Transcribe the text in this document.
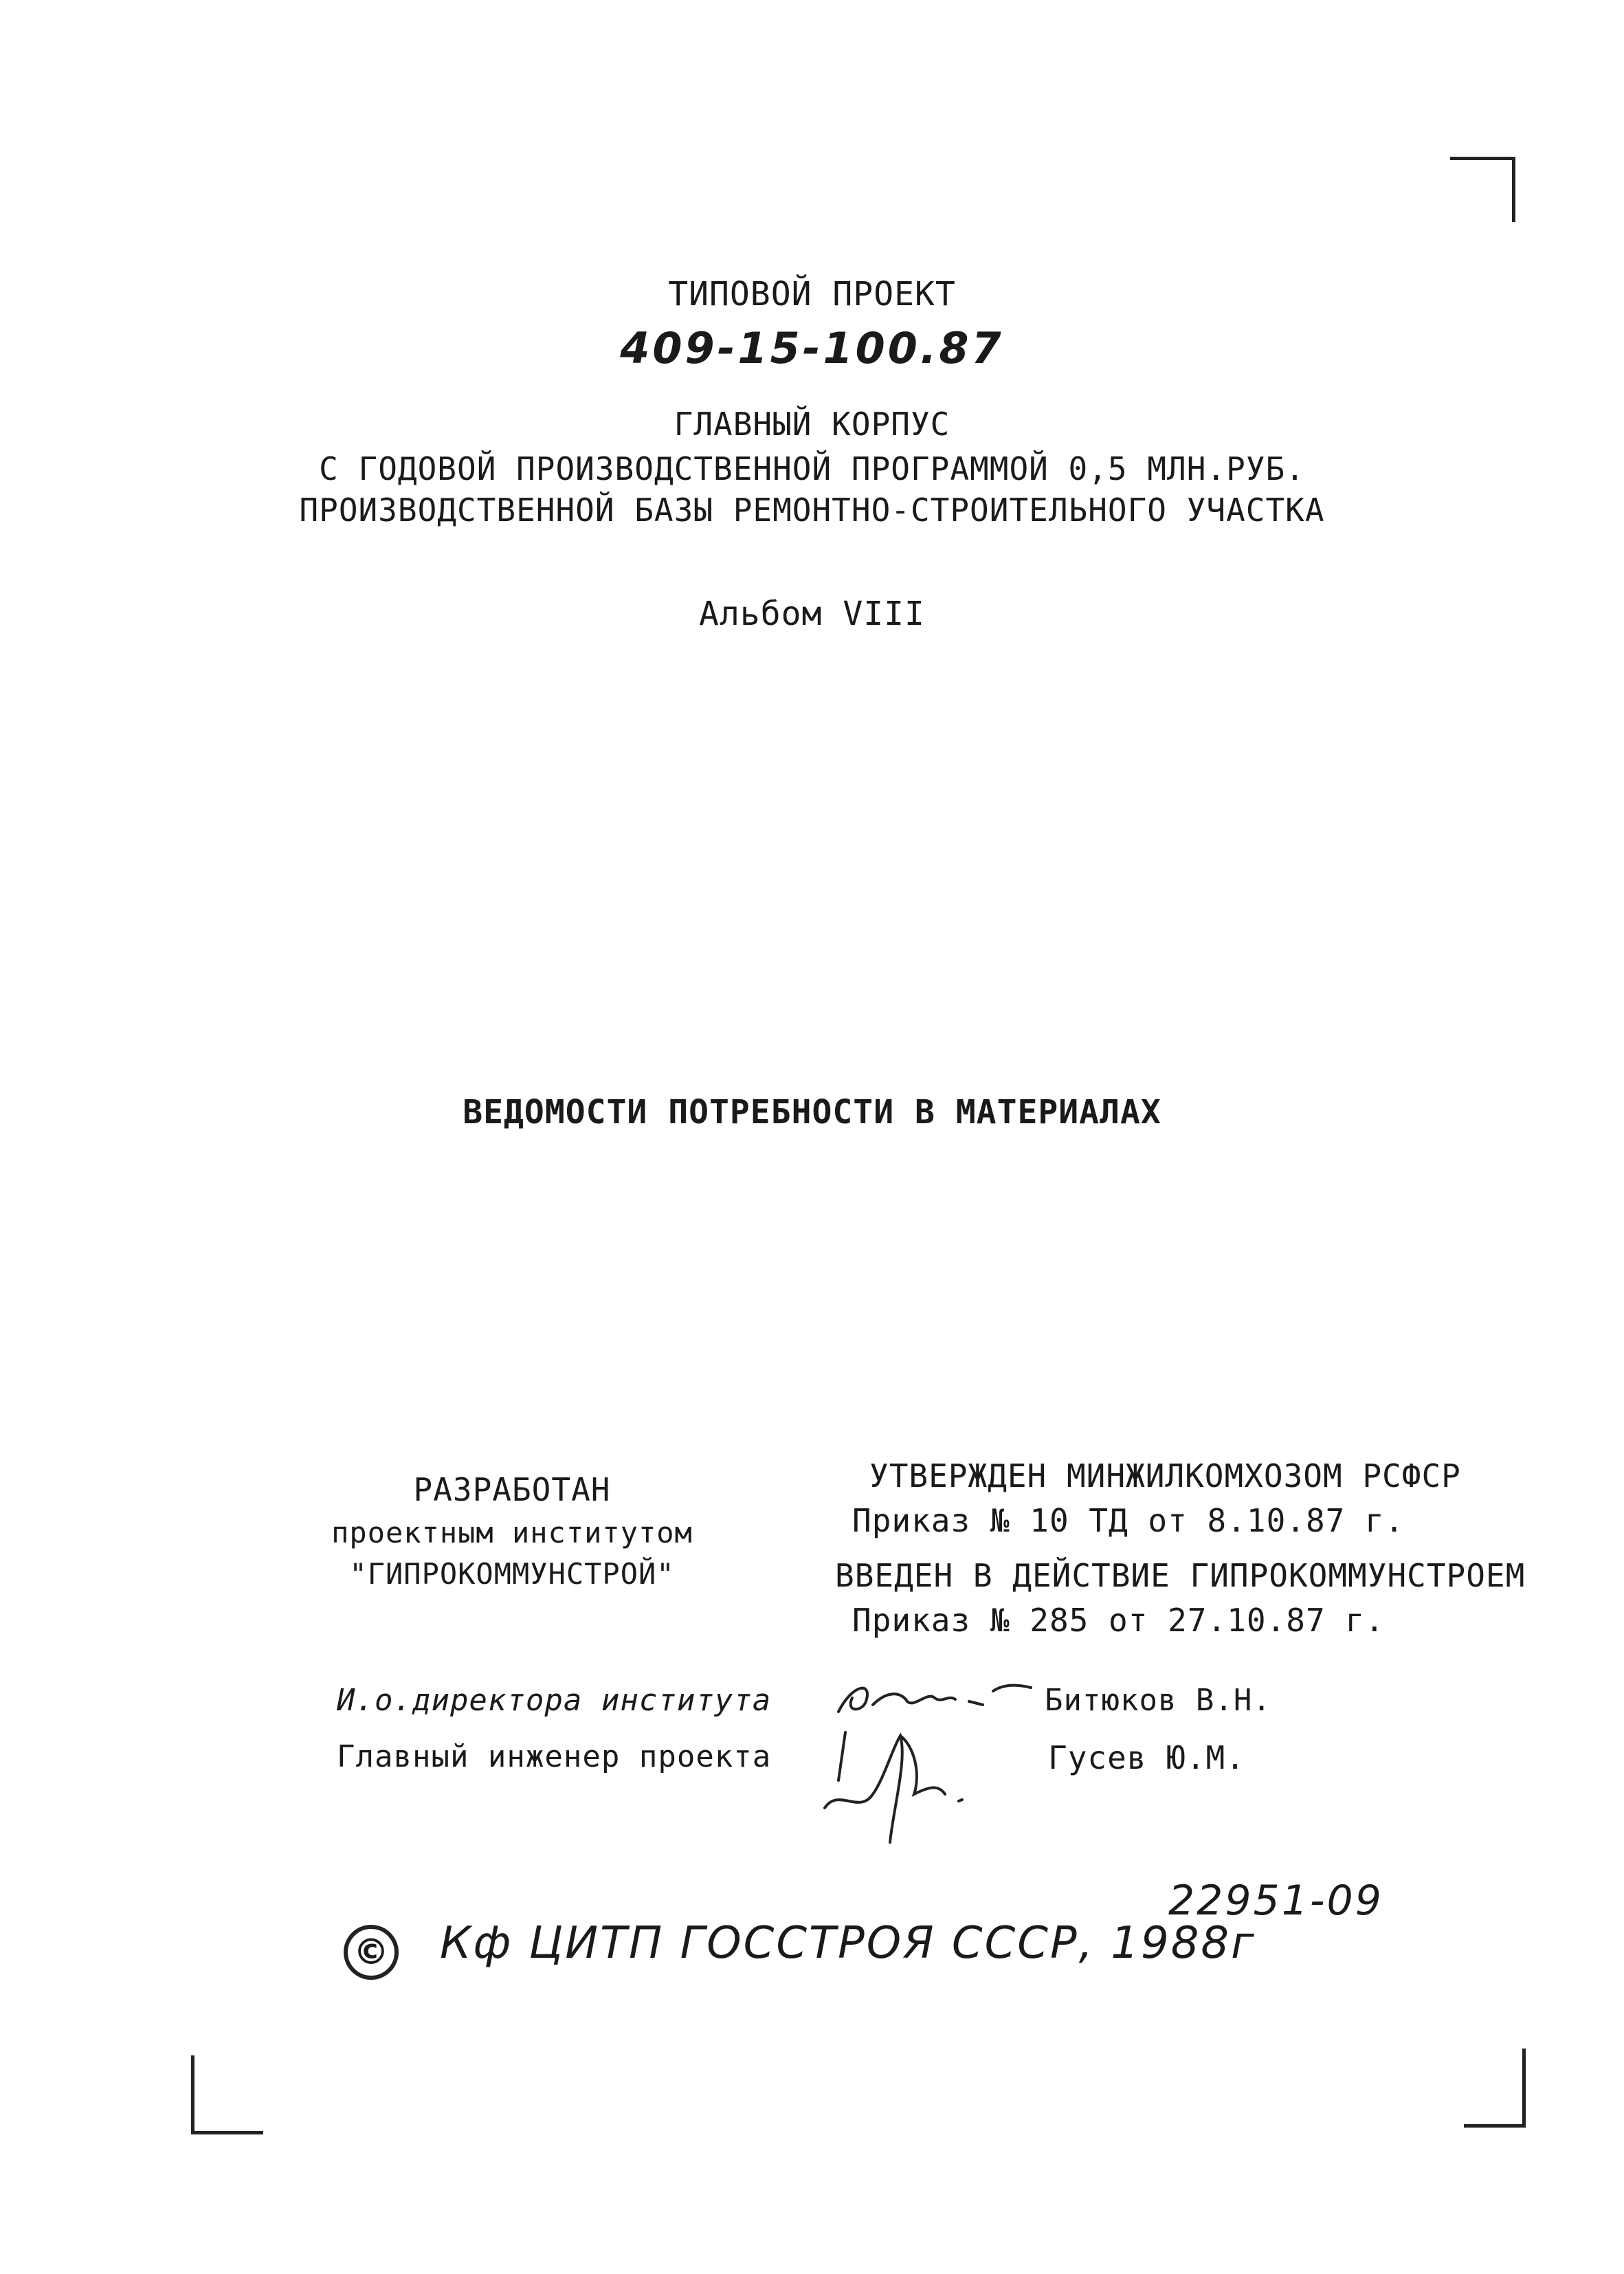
ТИПОВОЙ ПРОЕКТ
409-15-100.87
ГЛАВНЫЙ КОРПУС
С ГОДОВОЙ ПРОИЗВОДСТВЕННОЙ ПРОГРАММОЙ 0,5 МЛН.РУБ.
ПРОИЗВОДСТВЕННОЙ БАЗЫ РЕМОНТНО-СТРОИТЕЛЬНОГО УЧАСТКА
Альбом VIII
ВЕДОМОСТИ ПОТРЕБНОСТИ В МАТЕРИАЛАХ
РАЗРАБОТАН
проектным институтом
"ГИПРОКОММУНСТРОЙ"
УТВЕРЖДЕН МИНЖИЛКОМХОЗОМ РСФСР
Приказ № 10 ТД от 8.10.87 г.
ВВЕДЕН В ДЕЙСТВИЕ ГИПРОКОММУНСТРОЕМ
Приказ № 285 от 27.10.87 г.
И.о.директора института
Главный инженер проекта
Битюков В.Н.
Гусев Ю.М.
© Кф ЦИТП ГОССТРОЯ СССР, 1988г
22951-09
